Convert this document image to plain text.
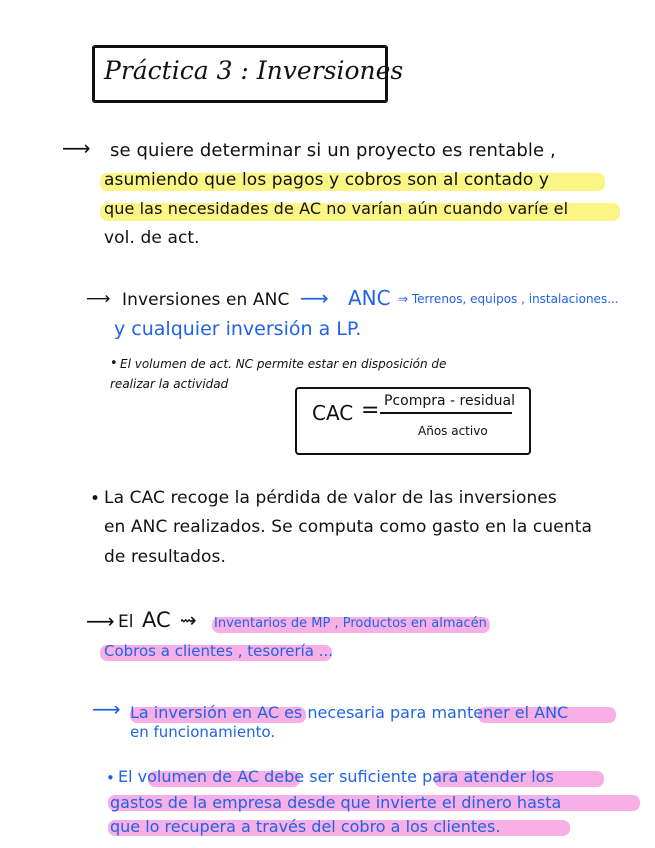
Práctica 3 : Inversiones
⟶ se quiere determinar si un proyecto es rentable ,
asumiendo que los pagos y cobros son al contado y
que las necesidades de AC no varían aún cuando varíe el
vol. de act.
⟶ Inversiones en ANC ⟶ ANC ⇒ Terrenos, equipos , instalaciones...
y cualquier inversión a LP.
• El volumen de act. NC permite estar en disposición de
realizar la actividad
CAC = Pcompra - residual
Años activo
• La CAC recoge la pérdida de valor de las inversiones
en ANC realizados. Se computa como gasto en la cuenta
de resultados.
⟶ El AC ⇝ Inventarios de MP , Productos en almacén
Cobros a clientes , tesorería ...
⟶ La inversión en AC es necesaria para mantener el ANC
en funcionamiento.
• El volumen de AC debe ser suficiente para atender los
gastos de la empresa desde que invierte el dinero hasta
que lo recupera a través del cobro a los clientes.
